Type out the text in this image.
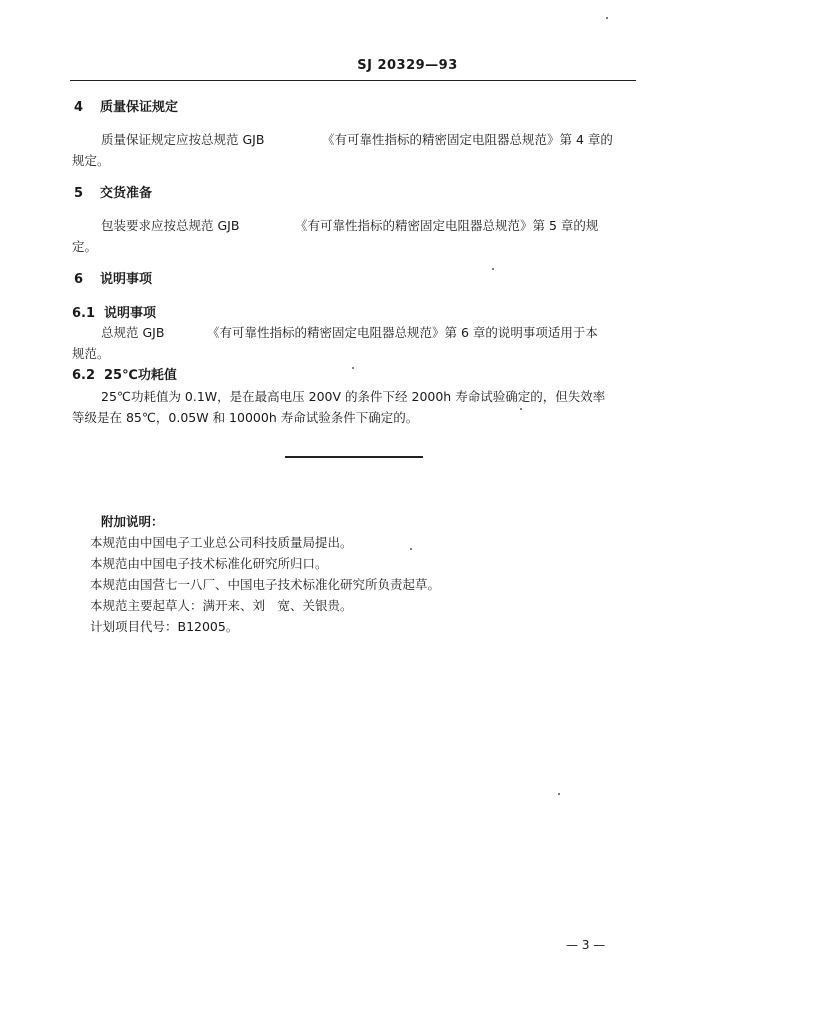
SJ 20329—93
4 质量保证规定
质量保证规定应按总规范 GJB	《有可靠性指标的精密固定电阻器总规范》第 4 章的
规定。
5 交货准备
包装要求应按总规范 GJB	《有可靠性指标的精密固定电阻器总规范》第 5 章的规
定。
6 说明事项
6.1 说明事项
总规范 GJB	《有可靠性指标的精密固定电阻器总规范》第 6 章的说明事项适用于本
规范。
6.2 25℃功耗值
25℃功耗值为 0.1W，是在最高电压 200V 的条件下经 2000h 寿命试验确定的，但失效率
等级是在 85℃，0.05W 和 10000h 寿命试验条件下确定的。
附加说明：
本规范由中国电子工业总公司科技质量局提出。
本规范由中国电子技术标准化研究所归口。
本规范由国营七一八厂、中国电子技术标准化研究所负责起草。
本规范主要起草人：满开来、刘　宽、关银贵。
计划项目代号：B12005。
— 3 —
